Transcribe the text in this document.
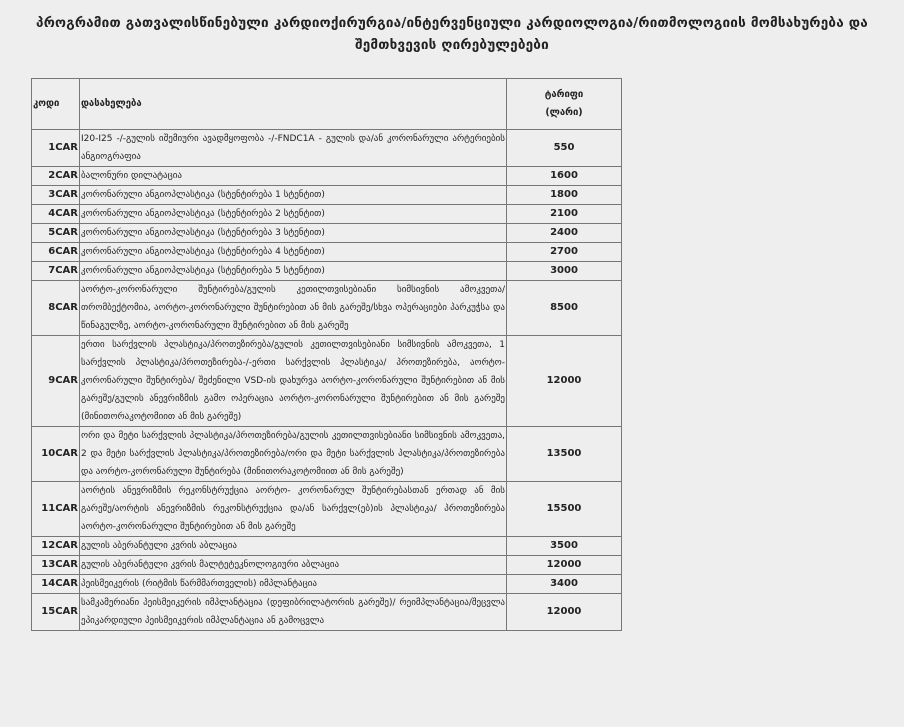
პროგრამით გათვალისწინებული კარდიოქირურგია/ინტერვენციული კარდიოლოგია/რითმოლოგიის მომსახურება და
შემთხვევის ღირებულებები
კოდი	დასახელება	ტარიფი
(ლარი)

1CAR	I20-I25 -/-გულის იშემიური ავადმყოფობა -/-FNDC1A - გულის და/ან კორონარული არტერიების ანგიოგრაფია	550
2CAR	ბალონური დილატაცია	1600
3CAR	კორონარული ანგიოპლასტიკა (სტენტირება 1 სტენტით)	1800
4CAR	კორონარული ანგიოპლასტიკა (სტენტირება 2 სტენტით)	2100
5CAR	კორონარული ანგიოპლასტიკა (სტენტირება 3 სტენტით)	2400
6CAR	კორონარული ანგიოპლასტიკა (სტენტირება 4 სტენტით)	2700
7CAR	კორონარული ანგიოპლასტიკა (სტენტირება 5 სტენტით)	3000
8CAR	აორტო-კორონარული შუნტირება/გულის კეთილთვისებიანი სიმსივნის ამოკვეთა/ თრომბექტომია, აორტო-კორონარული შუნტირებით ან მის გარეშე/სხვა ოპერაციები პარკუჭსა და წინაგულზე, აორტო-კორონარული შუნტირებით ან მის გარეშე	8500
9CAR	ერთი სარქვლის პლასტიკა/პროთეზირება/გულის კეთილთვისებიანი სიმსივნის ამოკვეთა, 1 სარქვლის პლასტიკა/პროთეზირება-/-ერთი სარქვლის პლასტიკა/ პროთეზირება, აორტო-კორონარული შუნტირება/ შეძენილი VSD-ის დახურვა აორტო-კორონარული შუნტირებით ან მის გარეშე/გულის ანევრიზმის გამო ოპერაცია აორტო-კორონარული შუნტირებით ან მის გარეშე (მინითორაკოტომიით ან მის გარეშე)	12000
10CAR	ორი და მეტი სარქვლის პლასტიკა/პროთეზირება/გულის კეთილთვისებიანი სიმსივნის ამოკვეთა, 2 და მეტი სარქვლის პლასტიკა/პროთეზირება/ორი და მეტი სარქვლის პლასტიკა/პროთეზირება და აორტო-კორონარული შუნტირება (მინითორაკოტომიით ან მის გარეშე)	13500
11CAR	აორტის ანევრიზმის რეკონსტრუქცია აორტო- კორონარულ შუნტირებასთან ერთად ან მის გარეშე/აორტის ანევრიზმის რეკონსტრუქცია და/ან სარქვლ(ებ)ის პლასტიკა/ პროთეზირება აორტო-კორონარული შუნტირებით ან მის გარეშე	15500
12CAR	გულის აბერანტული კვრის აბლაცია	3500
13CAR	გულის აბერანტული კვრის მალტეტეკნოლოგიური აბლაცია	12000
14CAR	პეისმეიკერის (რიტმის წარმმართველის) იმპლანტაცია	3400
15CAR	სამკამერიანი პეისმეიკერის იმპლანტაცია (დეფიბრილატორის გარეშე)/ რეიმპლანტაცია/შეცვლა ეპიკარდიული პეისმეიკერის იმპლანტაცია ან გამოცვლა	12000
